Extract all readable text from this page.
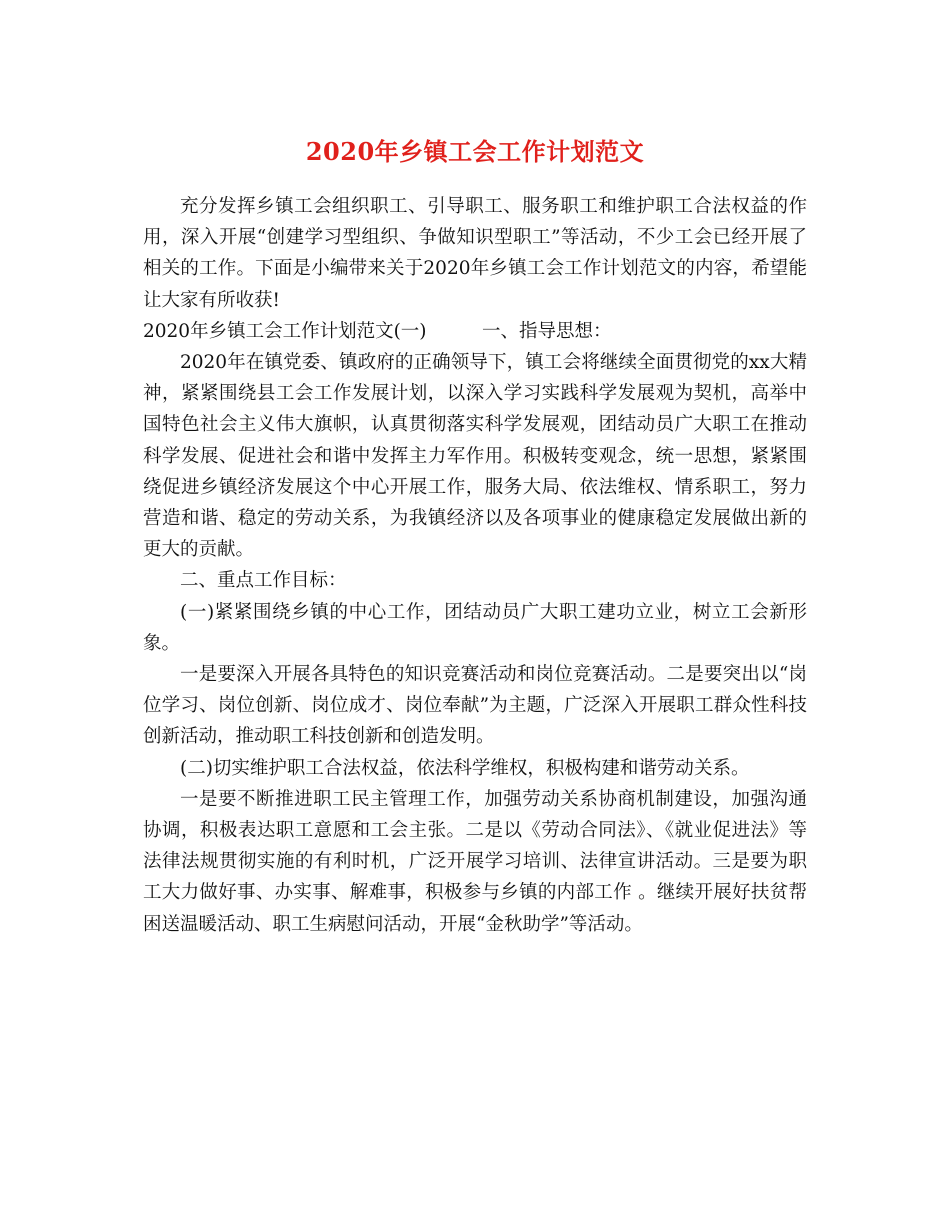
2020年乡镇工会工作计划范文

充分发挥乡镇工会组织职工、引导职工、服务职工和维护职工合法权益的作用，深入开展“创建学习型组织、争做知识型职工”等活动，不少工会已经开展了相关的工作。下面是小编带来关于2020年乡镇工会工作计划范文的内容，希望能让大家有所收获!

2020年乡镇工会工作计划范文(一)　　　一、指导思想：

2020年在镇党委、镇政府的正确领导下，镇工会将继续全面贯彻党的xx大精神，紧紧围绕县工会工作发展计划，以深入学习实践科学发展观为契机，高举中国特色社会主义伟大旗帜，认真贯彻落实科学发展观，团结动员广大职工在推动科学发展、促进社会和谐中发挥主力军作用。积极转变观念，统一思想，紧紧围绕促进乡镇经济发展这个中心开展工作，服务大局、依法维权、情系职工，努力营造和谐、稳定的劳动关系，为我镇经济以及各项事业的健康稳定发展做出新的更大的贡献。

二、重点工作目标：

(一)紧紧围绕乡镇的中心工作，团结动员广大职工建功立业，树立工会新形象。

一是要深入开展各具特色的知识竞赛活动和岗位竞赛活动。二是要突出以“岗位学习、岗位创新、岗位成才、岗位奉献”为主题，广泛深入开展职工群众性科技创新活动，推动职工科技创新和创造发明。

(二)切实维护职工合法权益，依法科学维权，积极构建和谐劳动关系。

一是要不断推进职工民主管理工作，加强劳动关系协商机制建设，加强沟通协调，积极表达职工意愿和工会主张。二是以《劳动合同法》、《就业促进法》等法律法规贯彻实施的有利时机，广泛开展学习培训、法律宣讲活动。三是要为职工大力做好事、办实事、解难事，积极参与乡镇的内部工作 。继续开展好扶贫帮困送温暖活动、职工生病慰问活动，开展“金秋助学”等活动。
